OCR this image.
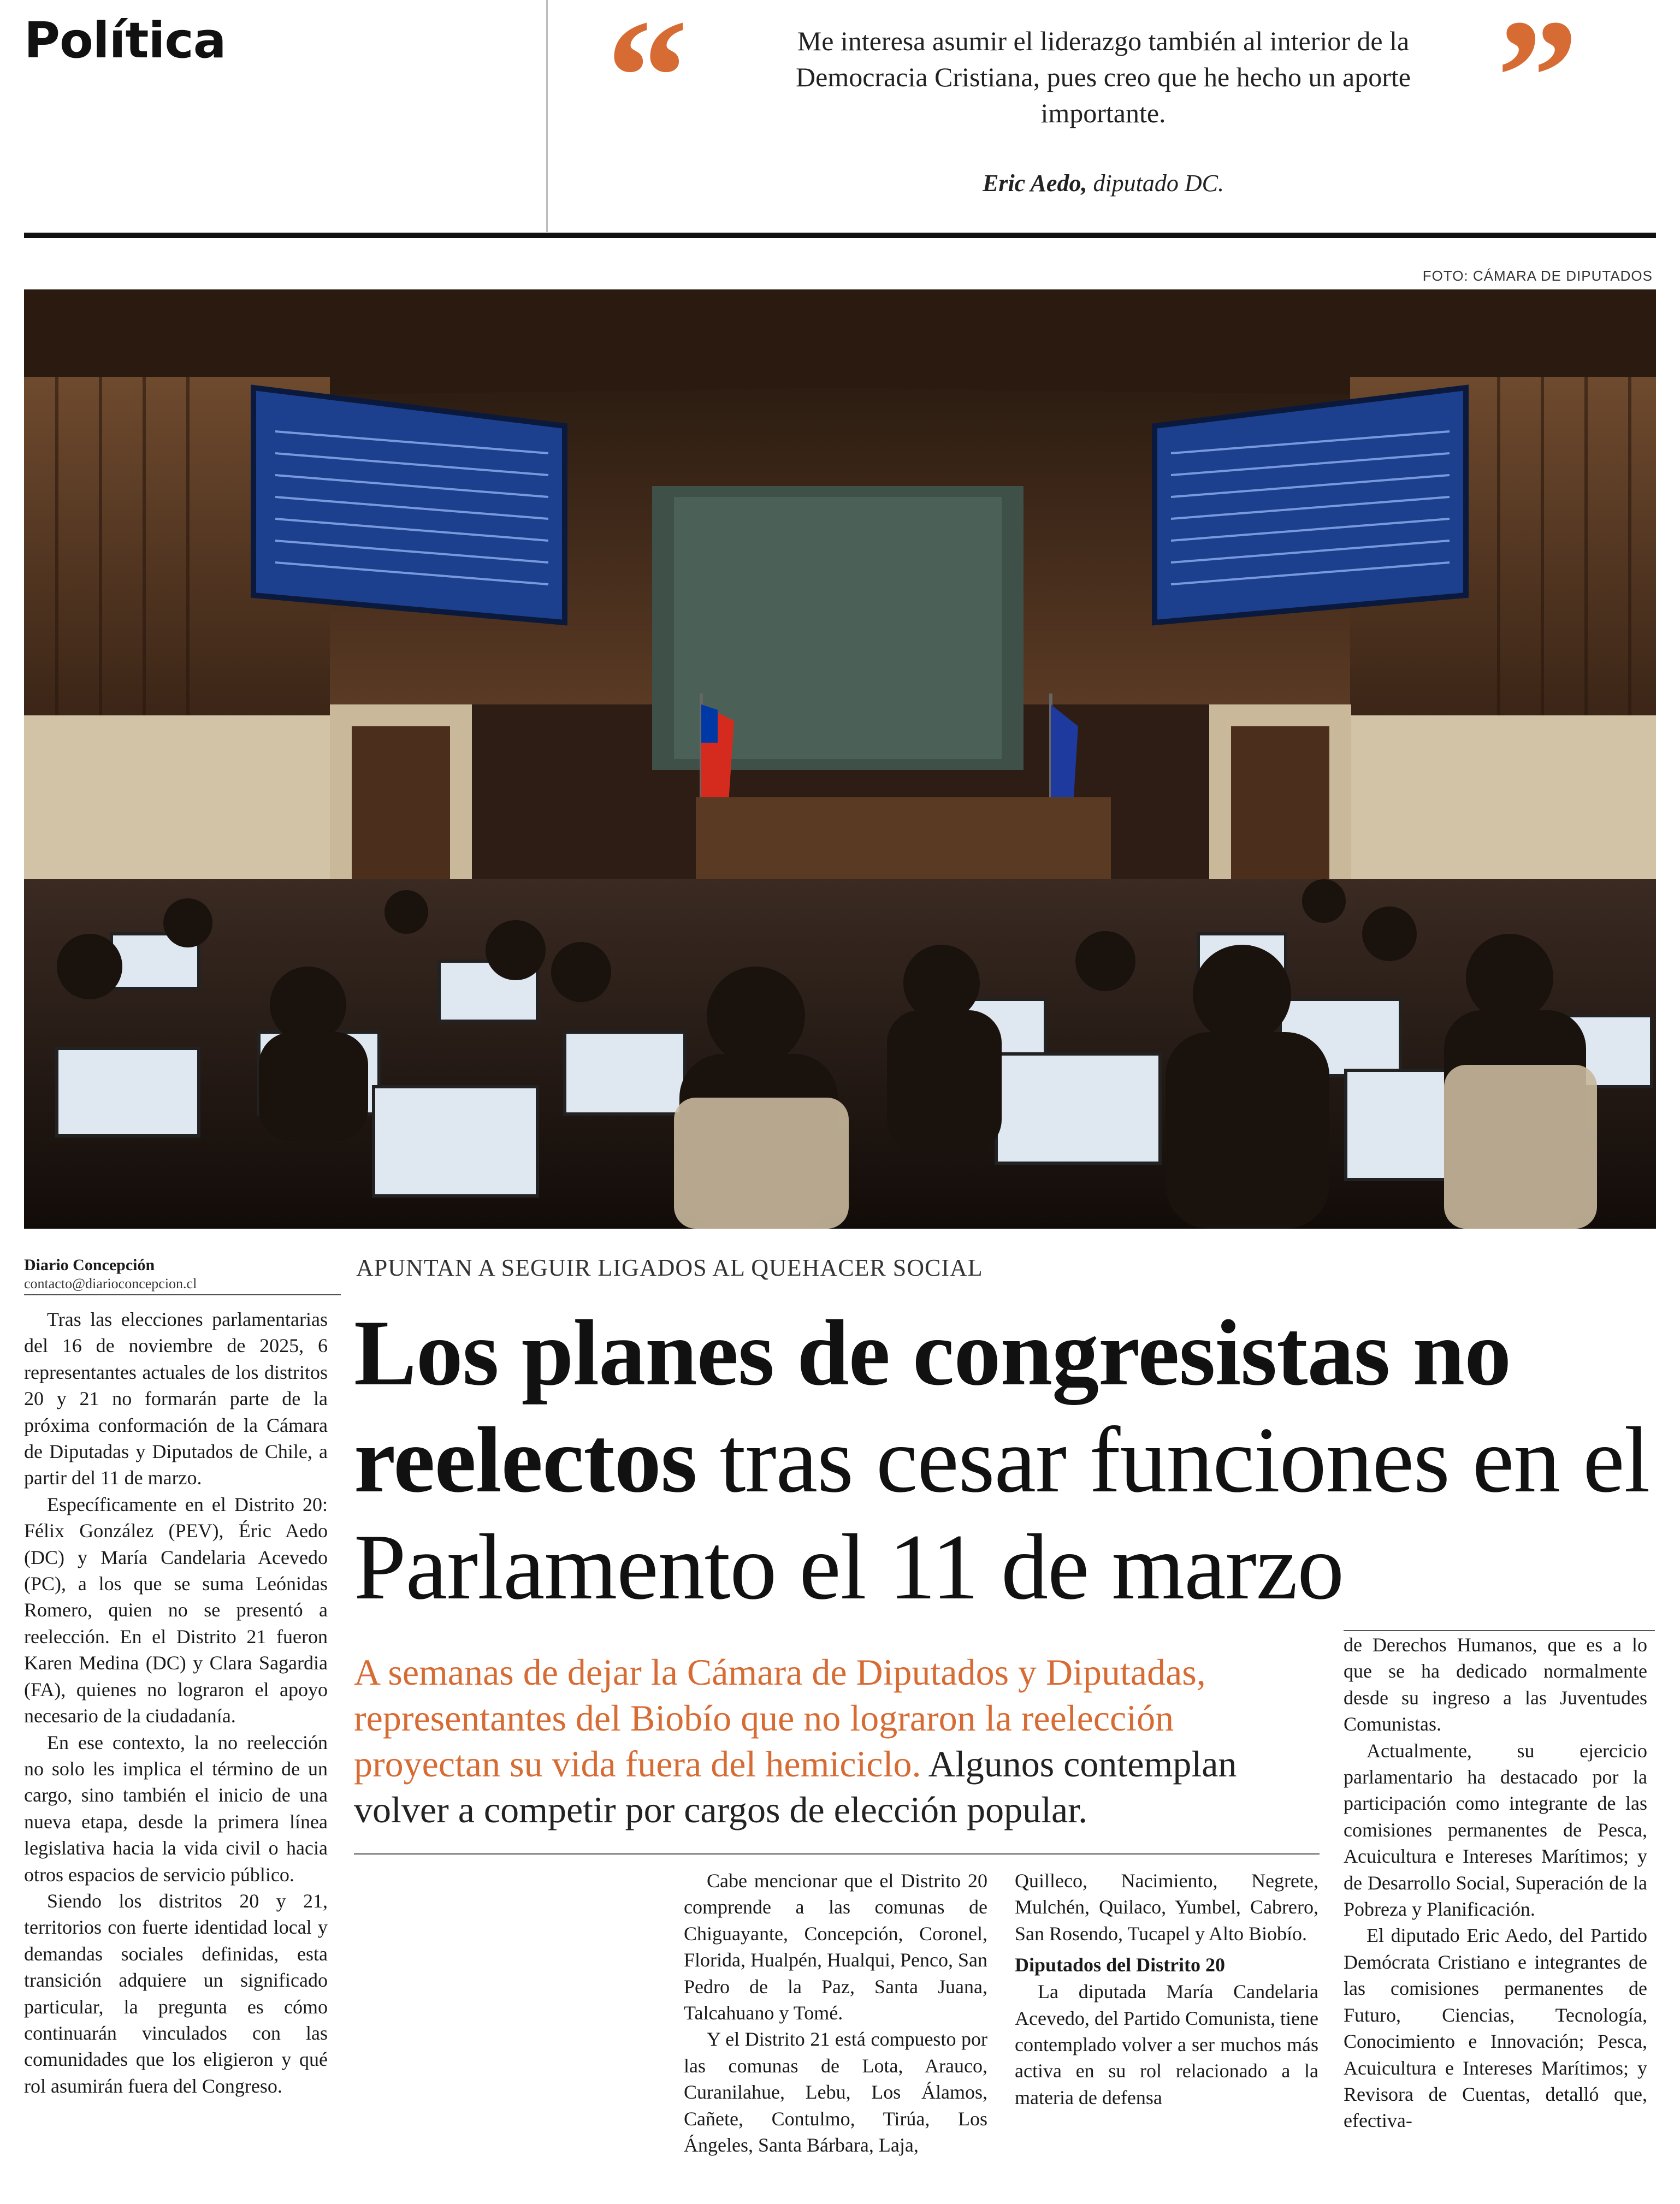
Política “	Me interesa asumir el liderazgo también al interior de la Democracia Cristiana, pues creo que he hecho un aporte importante.
Eric Aedo, diputado DC.
”
FOTO: CÁMARA DE DIPUTADOS
Diario Concepción
contacto@diarioconcepcion.cl
APUNTAN A SEGUIR LIGADOS AL QUEHACER SOCIAL
Los planes de congresistas no reelectos tras cesar funciones en el Parlamento el 11 de marzo
A semanas de dejar la Cámara de Diputados y Diputadas, representantes del Biobío que no lograron la reelección proyectan su vida fuera del hemiciclo. Algunos contemplan volver a competir por cargos de elección popular.

Tras las elecciones parlamentarias del 16 de noviembre de 2025, 6 representantes actuales de los distritos 20 y 21 no formarán parte de la próxima conformación de la Cámara de Diputadas y Diputados de Chile, a partir del 11 de marzo.

Específicamente en el Distrito 20: Félix González (PEV), Éric Aedo (DC) y María Candelaria Acevedo (PC), a los que se suma Leónidas Romero, quien no se presentó a reelección. En el Distrito 21 fueron Karen Medina (DC) y Clara Sagardia (FA), quienes no lograron el apoyo necesario de la ciudadanía.

En ese contexto, la no reelección no solo les implica el término de un cargo, sino también el inicio de una nueva etapa, desde la primera línea legislativa hacia la vida civil o hacia otros espacios de servicio público.

Siendo los distritos 20 y 21, territorios con fuerte identidad local y demandas sociales definidas, esta transición adquiere un significado particular, la pregunta es cómo continuarán vinculados con las comunidades que los eligieron y qué rol asumirán fuera del Congreso.

Cabe mencionar que el Distrito 20 comprende a las comunas de Chiguayante, Concepción, Coronel, Florida, Hualpén, Hualqui, Penco, San Pedro de la Paz, Santa Juana, Talcahuano y Tomé.

Y el Distrito 21 está compuesto por las comunas de Lota, Arauco, Curanilahue, Lebu, Los Álamos, Cañete, Contulmo, Tirúa, Los Ángeles, Santa Bárbara, Laja,

Quilleco, Nacimiento, Negrete, Mulchén, Quilaco, Yumbel, Cabrero, San Rosendo, Tucapel y Alto Biobío.

Diputados del Distrito 20

La diputada María Candelaria Acevedo, del Partido Comunista, tiene contemplado volver a ser muchos más activa en su rol relacionado a la materia de defensa

de Derechos Humanos, que es a lo que se ha dedicado normalmente desde su ingreso a las Juventudes Comunistas.

Actualmente, su ejercicio parlamentario ha destacado por la participación como integrante de las comisiones permanentes de Pesca, Acuicultura e Intereses Marítimos; y de Desarrollo Social, Superación de la Pobreza y Planificación.

El diputado Eric Aedo, del Partido Demócrata Cristiano e integrantes de las comisiones permanentes de Futuro, Ciencias, Tecnología, Conocimiento e Innovación; Pesca, Acuicultura e Intereses Marítimos; y Revisora de Cuentas, detalló que, efectiva-
